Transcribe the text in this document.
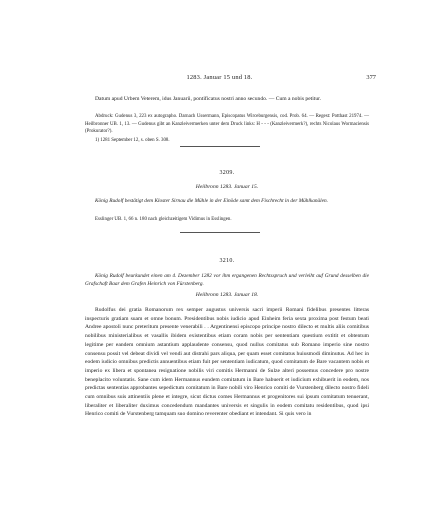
1283. Januar 15 und 18.	377

Datum apud Urbem Veterem, idus Januarii, pontificatus nostri anno secundo. — Cum a nobis petitur.

Abdruck: Gudenus 3, 223 ex autographo. Darnach Ussermann, Episcopatus Wirceburgensis, cod. Prob. 64. — Regest: Potthast 21974. — Heilbronner UB. 1, 13. — Gudenus gibt an Kanzleivermerken unter dem Druck links: H - - - (Kanzleivermerk?), rechts Nicolaus Wormaciensis (Prokurator?).

1) 1281 September 12, s. oben S. 308.

3209.
Heilbronn 1283. Januar 15.

König Rudolf bestätigt dem Kloster Sirnau die Mühle in der Einöde samt dem Fischrecht in der Mühlkanälen.

Esslinger UB. 1, 66 n. 180 nach gleichzeitigem Vidimus in Esslingen.

3210.

König Rudolf beurkundet einen am 4. Dezember 1282 vor ihm ergangenen Rechtsspruch und verleiht auf Grund desselben die Grafschaft Baar dem Grafen Heinrich von Fürstenberg.

Heilbronn 1283. Januar 18.

Rudolfus dei gratia Romanorum rex semper augustus universis sacri imperii Romani fidelibus presentes litteras inspecturis gratiam suam et omne bonum. Presidentibus nobis iudicio apud Einheim feria sexta proxima post festum beati Andree apostoli nunc preteritum presente venerabili . . Argentinensi episcopo principe nostro dilecto et multis aliis comitibus nobilibus ministerialibus et vasallis ibidem existentibus etiam coram nobis per sententiam questium extitit et obtentum legitime per eandem omnium astantium applaudente consensu, quod nullus comitatus sub Romano imperio sine nostro consensu possit vel debeat dividi vel vendi aut distrahi pars aliqua, per quam esset comitatus huiusmodi diminutus. Ad hec in eodem iudicio omnibus predictis annuentibus etiam fuit per sententiam iudicatum, quod comitatum de Bare vacantem nobis et imperio ex libera et spontanea resignatione nobilis viri comitis Hermanni de Sulze alteri possemus concedere pro nostre beneplacito voluntatis. Sane cum idem Hermannus eundem comitatum in Bare habuerit et iudicium exhibuerit in eodem, nos predictas sententias approbantes sepedictum comitatum in Bare nobili viro Henrico comiti de Vurstenberg dilecto nostro fideli cum omnibus suis attinentiis plene et integre, sicut dictus comes Hermannus et progenitores sui ipsum comitatum tenuerant, liberaliter et liberaliter duximus concedendum mandantes universis et singulis in eodem comitatu residentibus, quod ipsi Henrico comiti de Vurstenberg tamquam suo domino reverenter obediant et intendant. Si quis vero in
